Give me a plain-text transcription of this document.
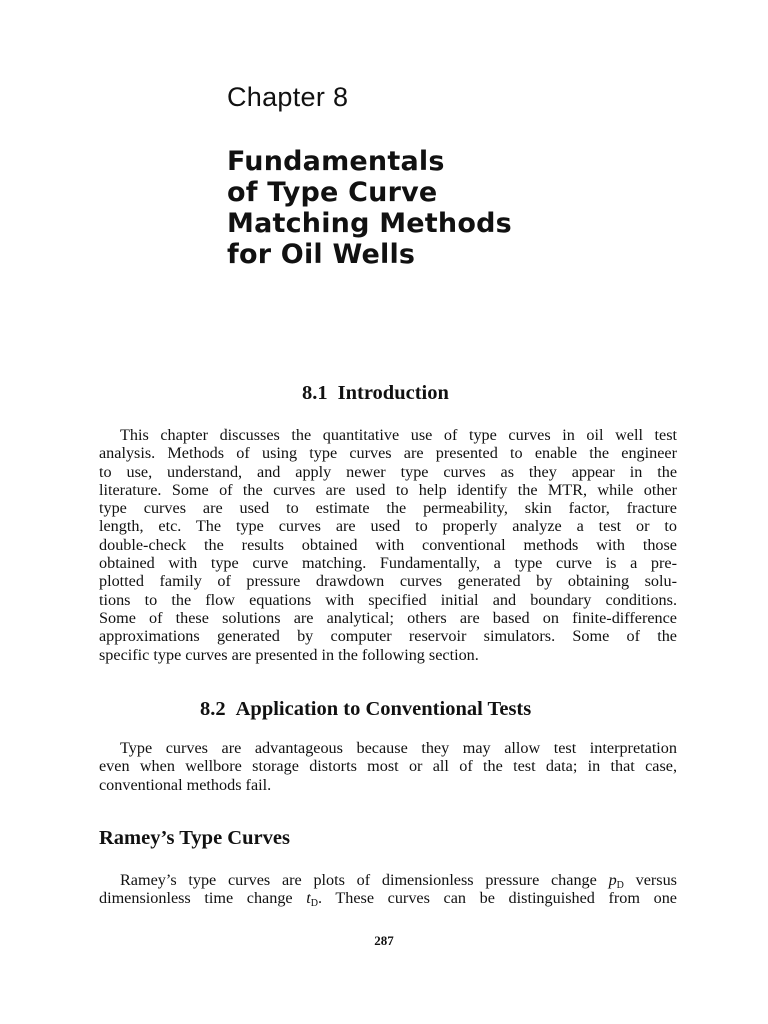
Chapter 8
Fundamentals
of Type Curve
Matching Methods
for Oil Wells
8.1 Introduction
This chapter discusses the quantitative use of type curves in oil well test
analysis. Methods of using type curves are presented to enable the engineer
to use, understand, and apply newer type curves as they appear in the
literature. Some of the curves are used to help identify the MTR, while other
type curves are used to estimate the permeability, skin factor, fracture
length, etc. The type curves are used to properly analyze a test or to
double-check the results obtained with conventional methods with those
obtained with type curve matching. Fundamentally, a type curve is a pre-
plotted family of pressure drawdown curves generated by obtaining solu-
tions to the flow equations with specified initial and boundary conditions.
Some of these solutions are analytical; others are based on finite-difference
approximations generated by computer reservoir simulators. Some of the
specific type curves are presented in the following section.
8.2 Application to Conventional Tests
Type curves are advantageous because they may allow test interpretation
even when wellbore storage distorts most or all of the test data; in that case,
conventional methods fail.
Ramey’s Type Curves
Ramey’s type curves are plots of dimensionless pressure change $p_D$ versus
dimensionless time change $t_D$. These curves can be distinguished from one
287
